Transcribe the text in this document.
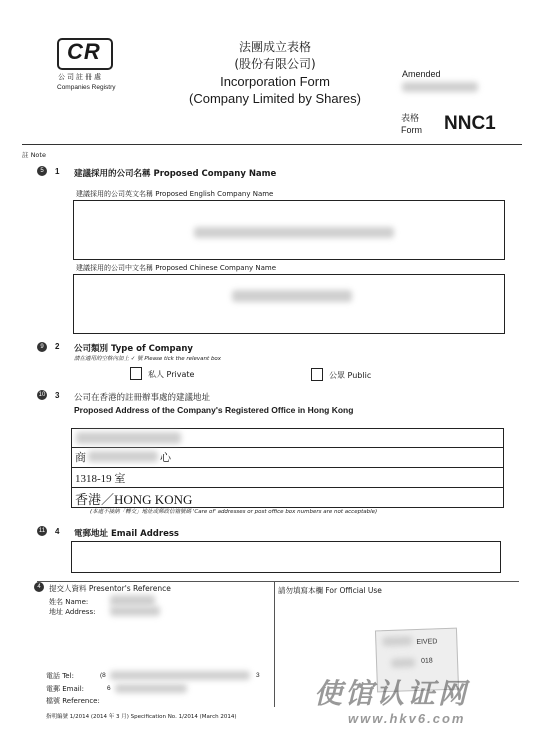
CR
公司註冊處
Companies Registry
法團成立表格
(股份有限公司)
Incorporation Form
(Company Limited by Shares)
Amended
表格
Form NNC1
註 Note
5	1 建議採用的公司名稱 Proposed Company Name
建議採用的公司英文名稱 Proposed English Company Name
建議採用的公司中文名稱 Proposed Chinese Company Name
9	2 公司類別 Type of Company
請在適用的空格內加上 ✓ 號 Please tick the relevant box
私人 Private	公眾 Public
10 3 公司在香港的註冊辦事處的建議地址
Proposed Address of the Company's Registered Office in Hong Kong
商	心
1318-19 室
香港／HONG KONG
(本處不接納「轉交」地址或郵政信箱號碼 'Care of' addresses or post office box numbers are not acceptable)
11 4 電郵地址 Email Address
4	提交人資料 Presentor's Reference
姓名 Name:
地址 Address:
電話 Tel:	(8	3
電郵 Email:	6
檔號 Reference:
請勿填寫本欄 For Official Use
EIVED
018
指明編號 1/2014 (2014 年 3 月) Specification No. 1/2014 (March 2014)
使馆认证网
www.hkv6.com
